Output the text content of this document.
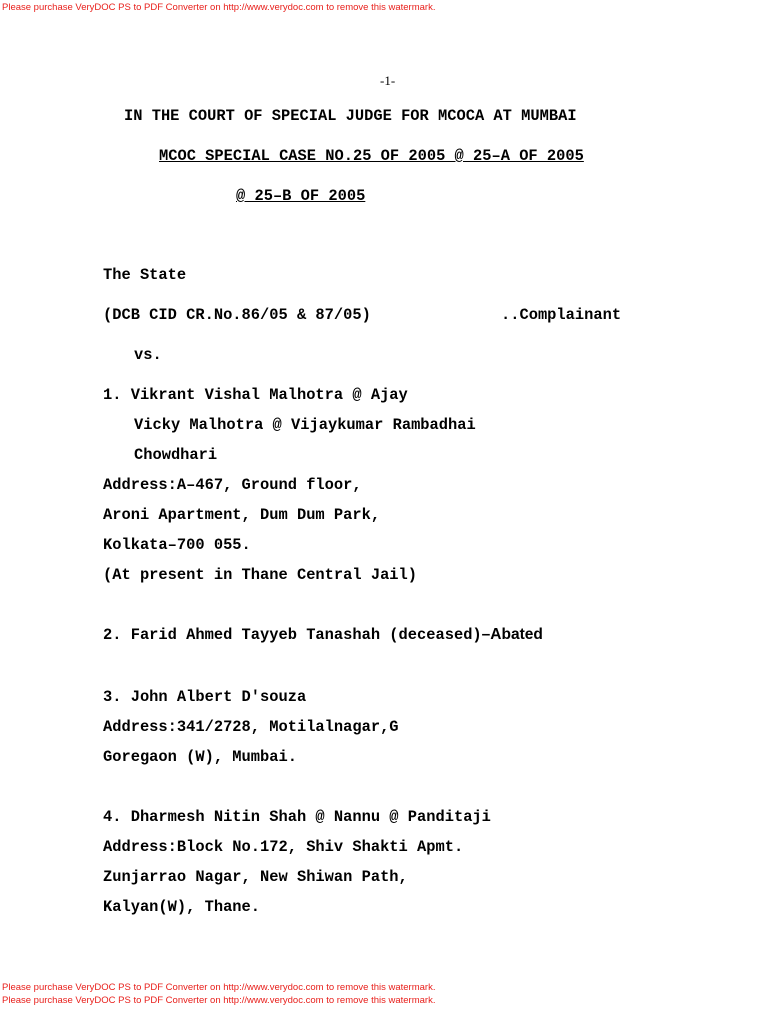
Please purchase VeryDOC PS to PDF Converter on http://www.verydoc.com to remove this watermark.
-1-
IN THE COURT OF SPECIAL JUDGE FOR MCOCA AT MUMBAI
MCOC SPECIAL CASE NO.25 OF 2005 @ 25–A OF 2005
@ 25–B OF 2005
The State
(DCB CID CR.No.86/05 & 87/05)	..Complainant
vs.
1. Vikrant Vishal Malhotra @ Ajay
Vicky Malhotra @ Vijaykumar Rambadhai
Chowdhari
Address:A–467, Ground floor,
Aroni Apartment, Dum Dum Park,
Kolkata–700 055.
(At present in Thane Central Jail)
2. Farid Ahmed Tayyeb Tanashah (deceased)–Abated
3. John Albert D'souza
Address:341/2728, Motilalnagar,G
Goregaon (W), Mumbai.
4. Dharmesh Nitin Shah @ Nannu @ Panditaji
Address:Block No.172, Shiv Shakti Apmt.
Zunjarrao Nagar, New Shiwan Path,
Kalyan(W), Thane.
Please purchase VeryDOC PS to PDF Converter on http://www.verydoc.com to remove this watermark.
Please purchase VeryDOC PS to PDF Converter on http://www.verydoc.com to remove this watermark.
